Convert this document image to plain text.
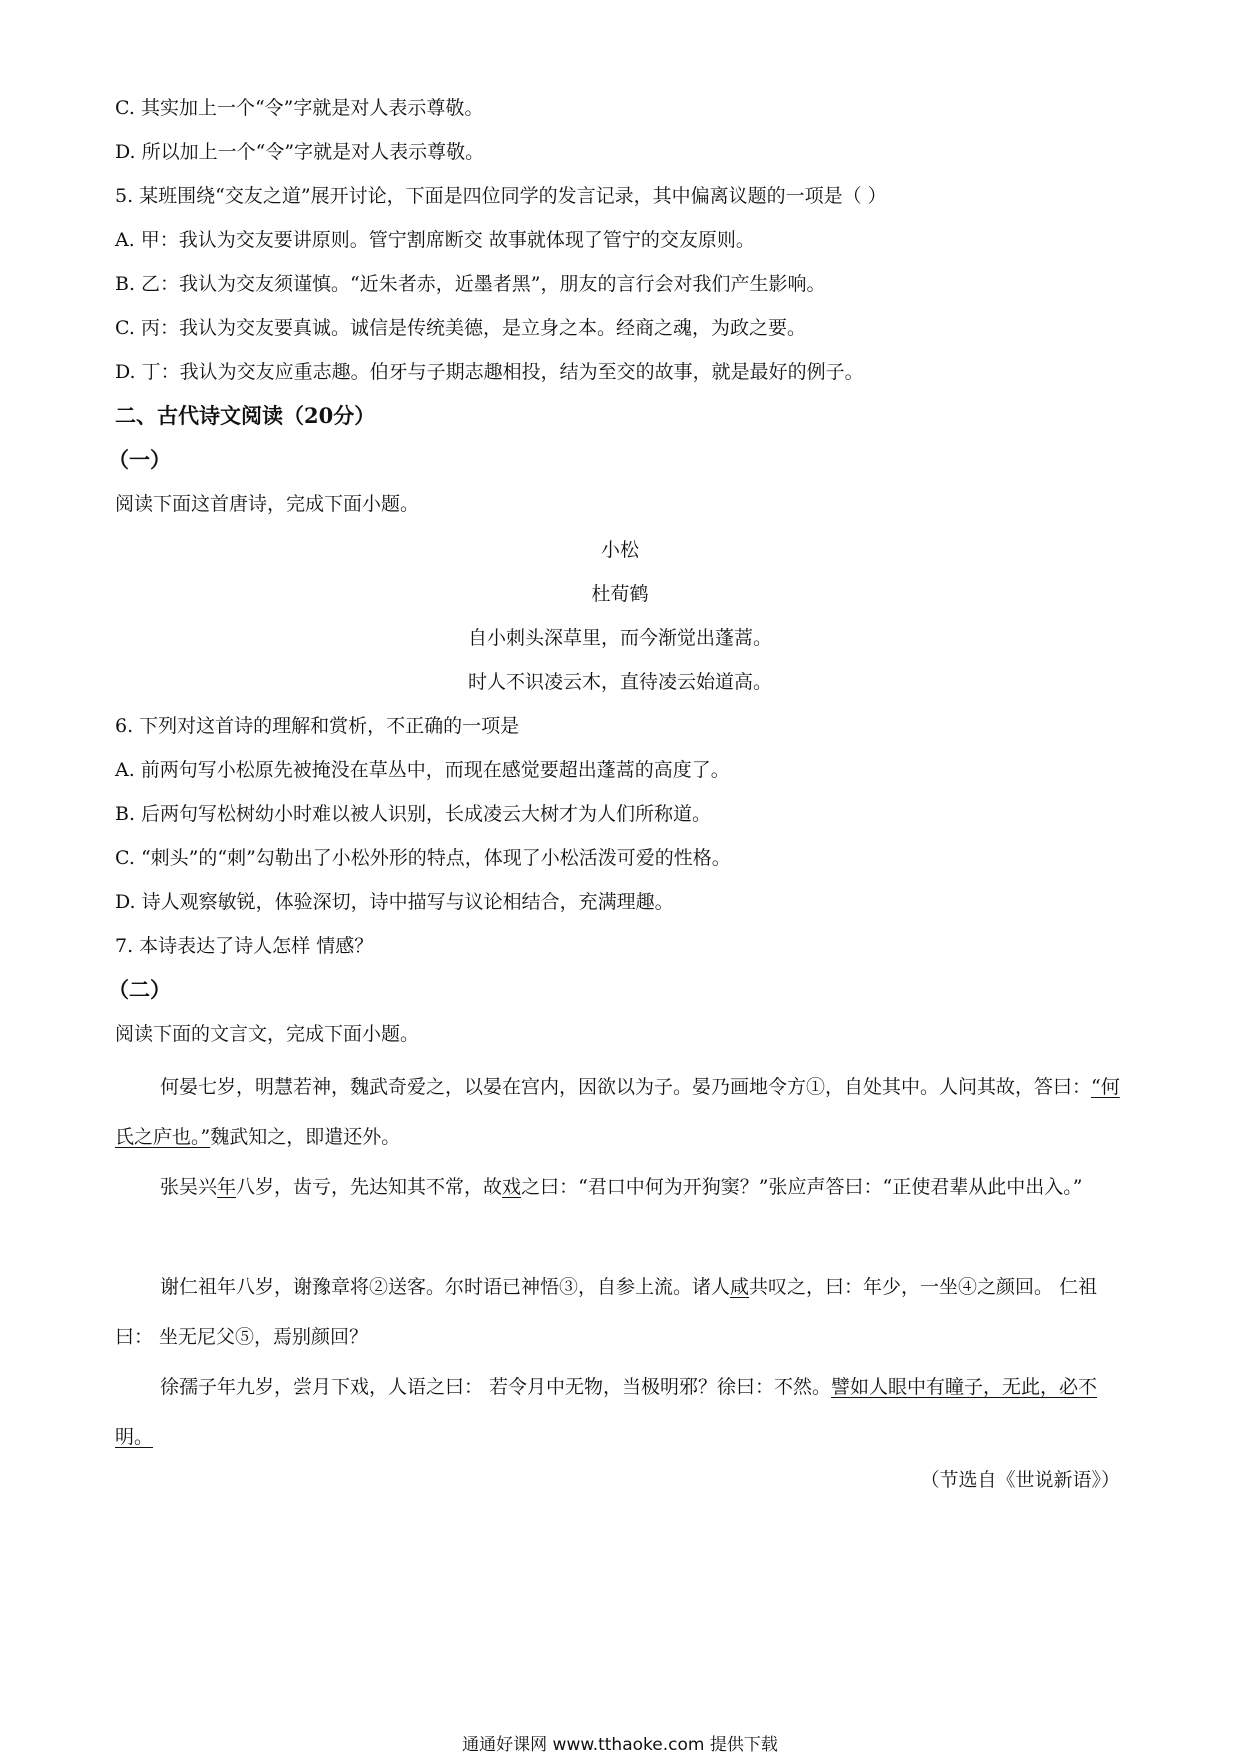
C. 其实加上一个“令”字就是对人表示尊敬。
D. 所以加上一个“令”字就是对人表示尊敬。
5. 某班围绕“交友之道”展开讨论，下面是四位同学的发言记录，其中偏离议题的一项是（ ）
A. 甲：我认为交友要讲原则。管宁割席断交 故事就体现了管宁的交友原则。
B. 乙：我认为交友须谨慎。“近朱者赤，近墨者黑”，朋友的言行会对我们产生影响。
C. 丙：我认为交友要真诚。诚信是传统美德，是立身之本。经商之魂，为政之要。
D. 丁：我认为交友应重志趣。伯牙与子期志趣相投，结为至交的故事，就是最好的例子。
二、古代诗文阅读（20分）
（一）
阅读下面这首唐诗，完成下面小题。
小松
杜荀鹤
自小刺头深草里，而今渐觉出蓬蒿。
时人不识凌云木，直待凌云始道高。
6. 下列对这首诗的理解和赏析，不正确的一项是
A. 前两句写小松原先被掩没在草丛中，而现在感觉要超出蓬蒿的高度了。
B. 后两句写松树幼小时难以被人识别，长成凌云大树才为人们所称道。
C. “刺头”的“刺”勾勒出了小松外形的特点，体现了小松活泼可爱的性格。
D. 诗人观察敏锐，体验深切，诗中描写与议论相结合，充满理趣。
7. 本诗表达了诗人怎样 情感？
（二）
阅读下面的文言文，完成下面小题。
何晏七岁，明慧若神，魏武奇爱之，以晏在宫内，因欲以为子。晏乃画地令方①，自处其中。人问其故，答曰：“何氏之庐也。”魏武知之，即遣还外。
张吴兴年八岁，齿亏，先达知其不常，故戏之曰：“君口中何为开狗窦？”张应声答曰：“正使君辈从此中出入。”
谢仁祖年八岁，谢豫章将②送客。尔时语已神悟③，自参上流。诸人咸共叹之，曰：年少，一坐④之颜回。 仁祖曰： 坐无尼父⑤，焉别颜回？
徐孺子年九岁，尝月下戏，人语之曰： 若令月中无物，当极明邪？徐曰：不然。譬如人眼中有瞳子，无此，必不明。
（节选自《世说新语》）
通通好课网 www.tthaoke.com 提供下载
